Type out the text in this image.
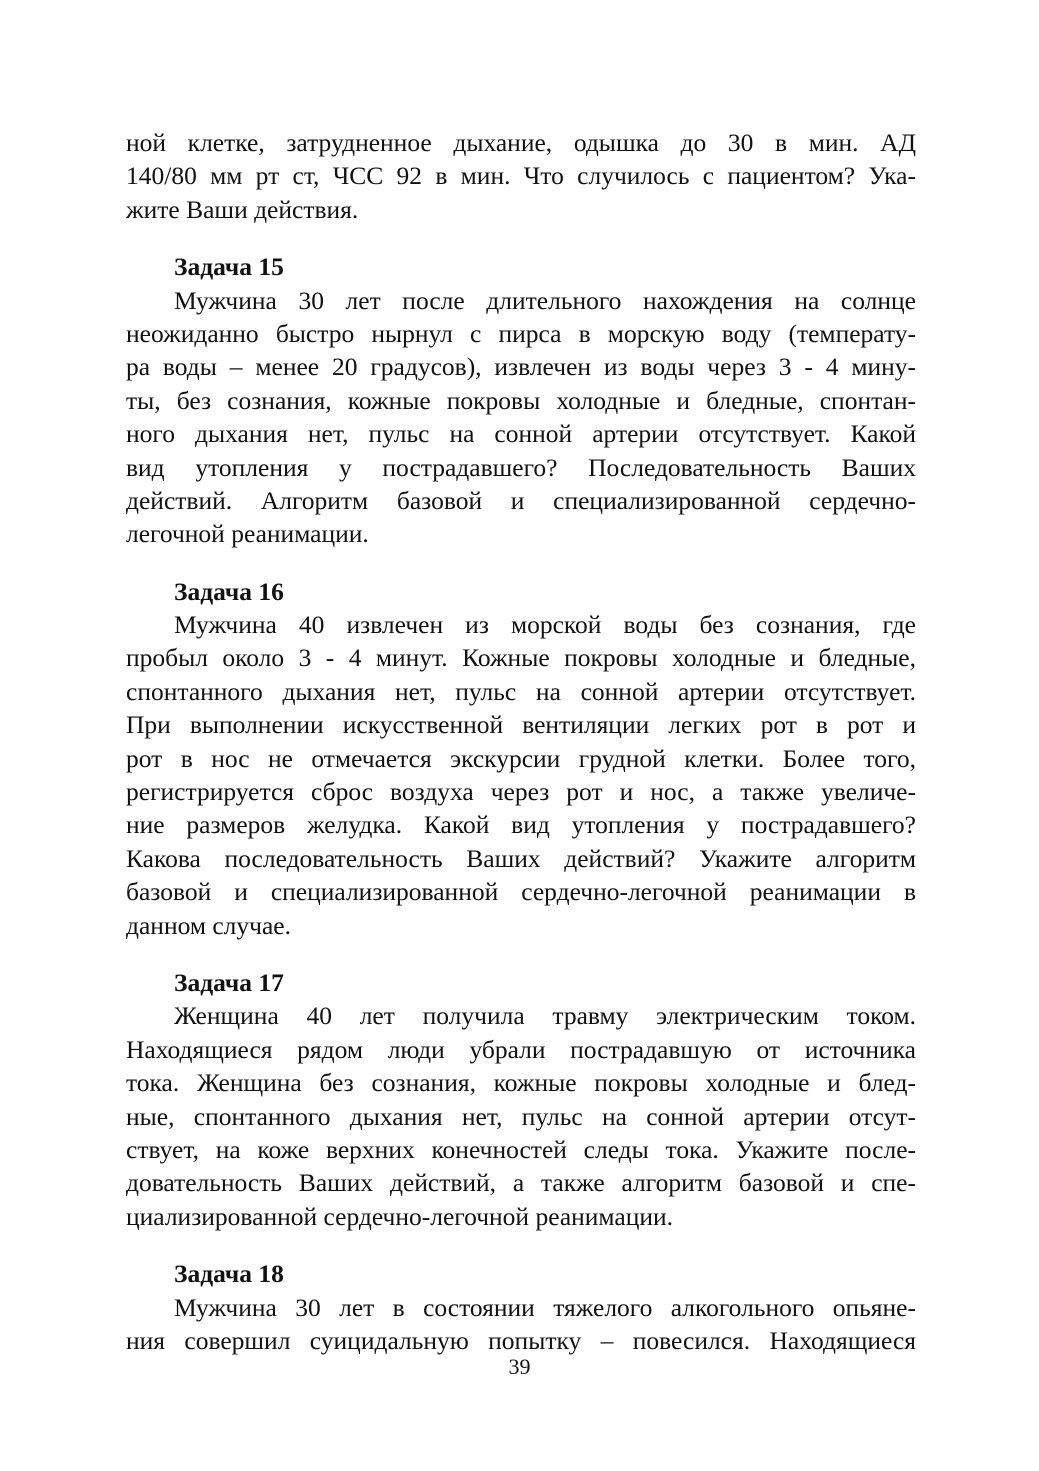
ной клетке, затрудненное дыхание, одышка до 30 в мин. АД
140/80 мм рт ст, ЧСС 92 в мин. Что случилось с пациентом? Ука-
жите Ваши действия.
Задача 15
Мужчина 30 лет после длительного нахождения на солнце
неожиданно быстро нырнул с пирса в морскую воду (температу-
ра воды – менее 20 градусов), извлечен из воды через 3 - 4 мину-
ты, без сознания, кожные покровы холодные и бледные, спонтан-
ного дыхания нет, пульс на сонной артерии отсутствует. Какой
вид утопления у пострадавшего? Последовательность Ваших
действий. Алгоритм базовой и специализированной сердечно-
легочной реанимации.
Задача 16
Мужчина 40 извлечен из морской воды без сознания, где
пробыл около 3 - 4 минут. Кожные покровы холодные и бледные,
спонтанного дыхания нет, пульс на сонной артерии отсутствует.
При выполнении искусственной вентиляции легких рот в рот и
рот в нос не отмечается экскурсии грудной клетки. Более того,
регистрируется сброс воздуха через рот и нос, а также увеличе-
ние размеров желудка. Какой вид утопления у пострадавшего?
Какова последовательность Ваших действий? Укажите алгоритм
базовой и специализированной сердечно-легочной реанимации в
данном случае.
Задача 17
Женщина 40 лет получила травму электрическим током.
Находящиеся рядом люди убрали пострадавшую от источника
тока. Женщина без сознания, кожные покровы холодные и блед-
ные, спонтанного дыхания нет, пульс на сонной артерии отсут-
ствует, на коже верхних конечностей следы тока. Укажите после-
довательность Ваших действий, а также алгоритм базовой и спе-
циализированной сердечно-легочной реанимации.
Задача 18
Мужчина 30 лет в состоянии тяжелого алкогольного опьяне-
ния совершил суицидальную попытку – повесился. Находящиеся
39
